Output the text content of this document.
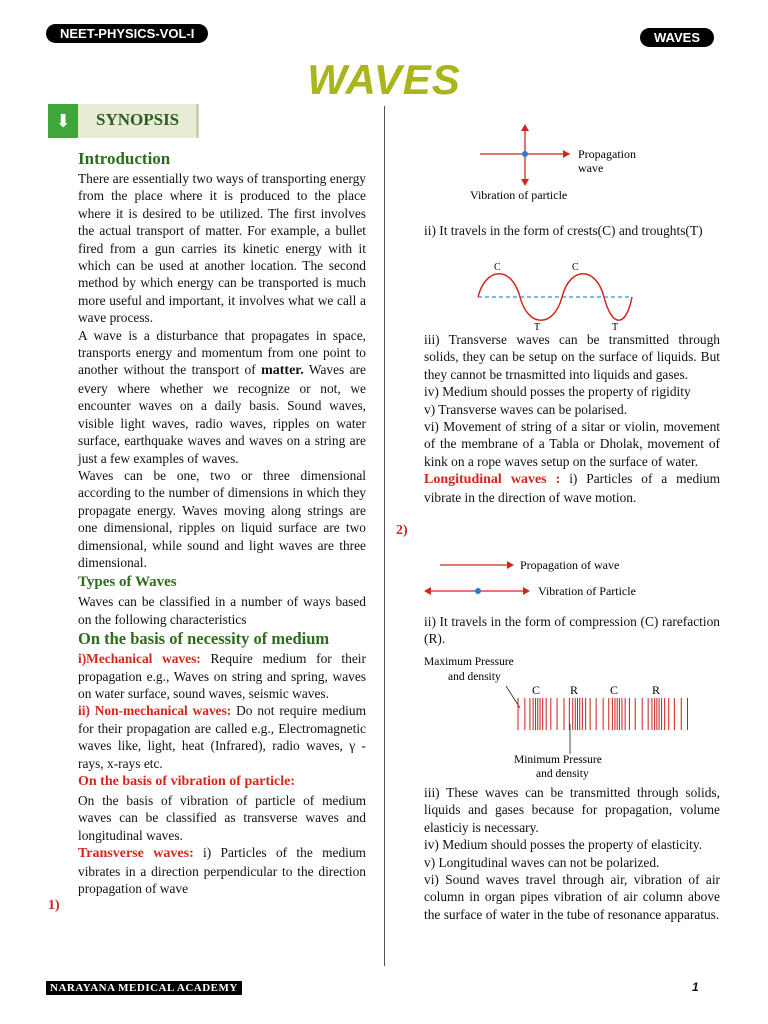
NEET-PHYSICS-VOL-I	WAVES
WAVES
⬇	SYNOPSIS

Introduction

There are essentially two ways of transporting energy from the place where it is produced to the place where it is desired to be utilized. The first involves the actual transport of matter. For example, a bullet fired from a gun carries its kinetic energy with it which can be used at another location. The second method by which energy can be transported is much more useful and important, it involves what we call a wave process.

A wave is a disturbance that propagates in space, transports energy and momentum from one point to another without the transport of matter. Waves are every where whether we recognize or not, we encounter waves on a daily basis. Sound waves, visible light waves, radio waves, ripples on water surface, earthquake waves and waves on a string are just a few examples of waves.

Waves can be one, two or three dimensional according to the number of dimensions in which they propagate energy. Waves moving along strings are one dimensional, ripples on liquid surface are two dimensional, while sound and light waves are three dimensional.

Types of Waves

Waves can be classified in a number of ways based on the following characteristics

On the basis of necessity of medium

i)Mechanical waves: Require medium for their propagation e.g., Waves on string and spring, waves on water surface, sound waves, seismic waves.

ii) Non-mechanical waves: Do not require medium for their propagation are called e.g., Electromagnetic waves like, light, heat (Infrared), radio waves, γ -rays, x-rays etc.

On the basis of vibration of particle:

On the basis of vibration of particle of medium waves can be classified as transverse waves and longitudinal waves.

Transverse waves: i) Particles of the medium vibrates in a direction perpendicular to the direction propagation of wave

1)
Propagation
wave
Vibration of particle

ii) It travels in the form of crests(C) and troughts(T)

C	C
T	T

iii) Transverse waves can be transmitted through solids, they can be setup on the surface of liquids. But they cannot be trnasmitted into liquids and gases.

iv) Medium should posses the property of rigidity

v) Transverse waves can be polarised.

vi) Movement of string of a sitar or violin, movement of the membrane of a Tabla or Dholak, movement of kink on a rope waves setup on the surface of water.

Longitudinal waves : i) Particles of a medium vibrate in the direction of wave motion.

2)
Propagation of wave
Vibration of Particle

ii) It travels in the form of compression (C) rarefaction (R).

Maximum Pressure
and density
C R	C	R
Minimum Pressure
and density

iii) These waves can be transmitted through solids, liquids and gases because for propagation, volume elasticiy is necessary.

iv) Medium should posses the property of elasticity.

v) Longitudinal waves can not be polarized.

vi) Sound waves travel through air, vibration of air column in organ pipes vibration of air column above the surface of water in the tube of resonance apparatus.

NARAYANA MEDICAL ACADEMY	1
